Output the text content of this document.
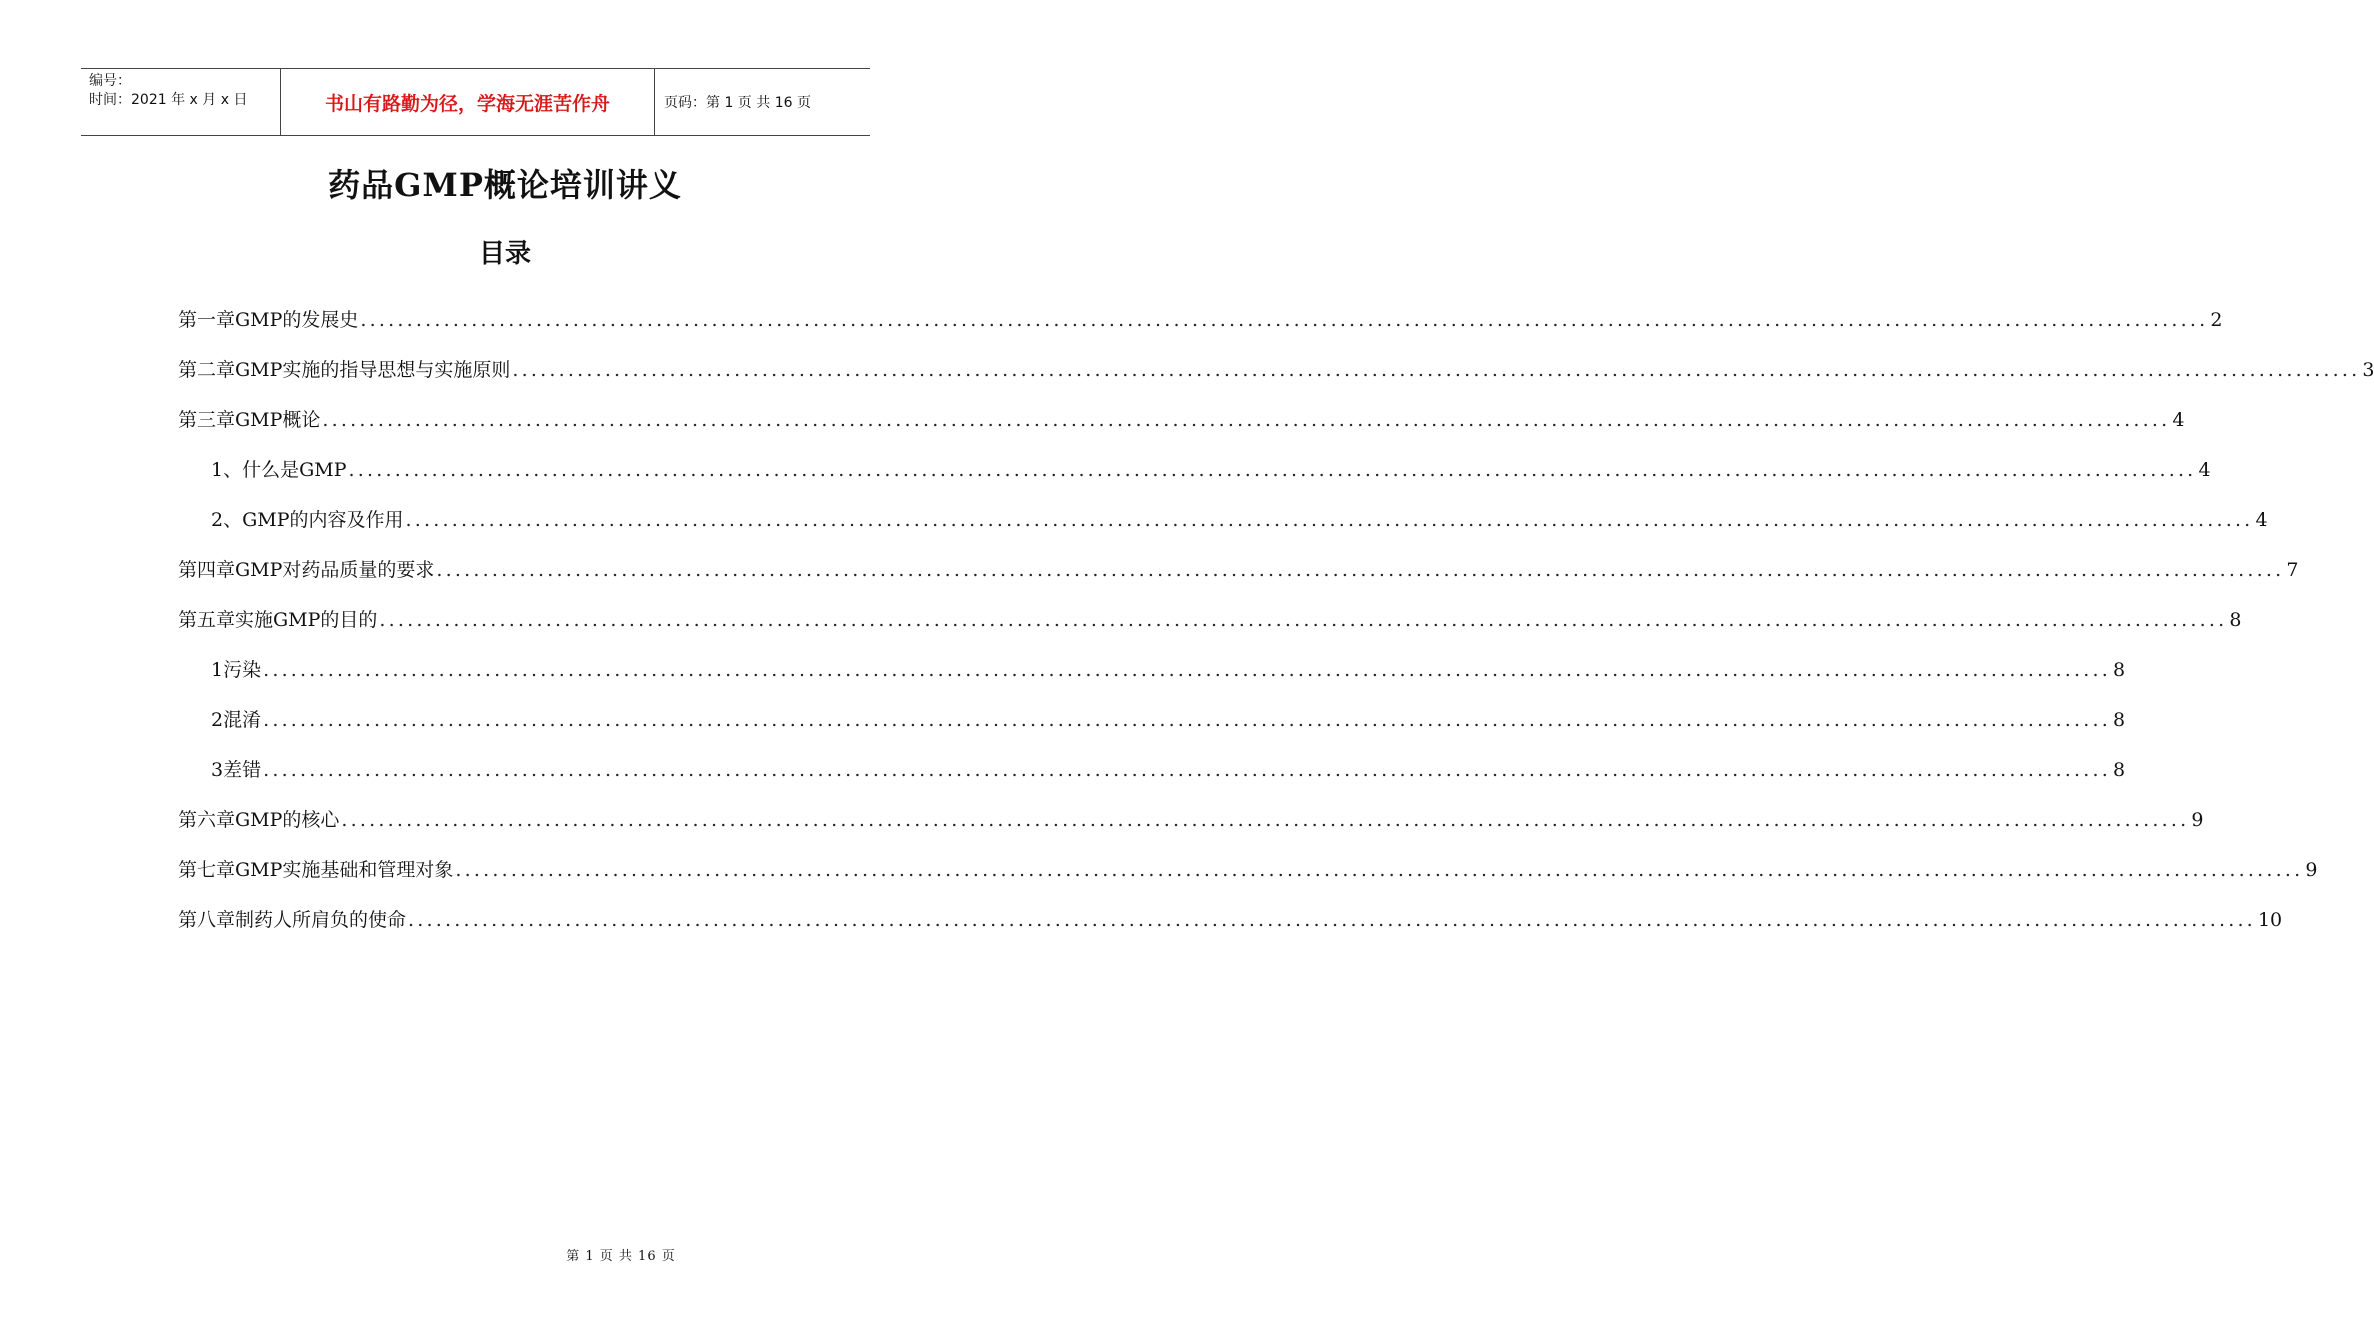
编号：
时间：2021 年 x 月 x 日	书山有路勤为径，学海无涯苦作舟	页码：第 1 页 共 16 页
药品GMP概论培训讲义
目录
第一章GMP的发展史 ........................................................................................................................................................................................................ 2
第二章GMP实施的指导思想与实施原则 ........................................................................................................................................................................................................ 3
第三章GMP概论 ........................................................................................................................................................................................................ 4
1、什么是GMP ........................................................................................................................................................................................................ 4
2、GMP的内容及作用 ........................................................................................................................................................................................................ 4
第四章GMP对药品质量的要求 ........................................................................................................................................................................................................ 7
第五章实施GMP的目的 ........................................................................................................................................................................................................ 8
1污染 ........................................................................................................................................................................................................ 8
2混淆 ........................................................................................................................................................................................................ 8
3差错 ........................................................................................................................................................................................................ 8
第六章GMP的核心 ........................................................................................................................................................................................................ 9
第七章GMP实施基础和管理对象 ........................................................................................................................................................................................................ 9
第八章制药人所肩负的使命 ........................................................................................................................................................................................................ 10
第 1 页 共 16 页
